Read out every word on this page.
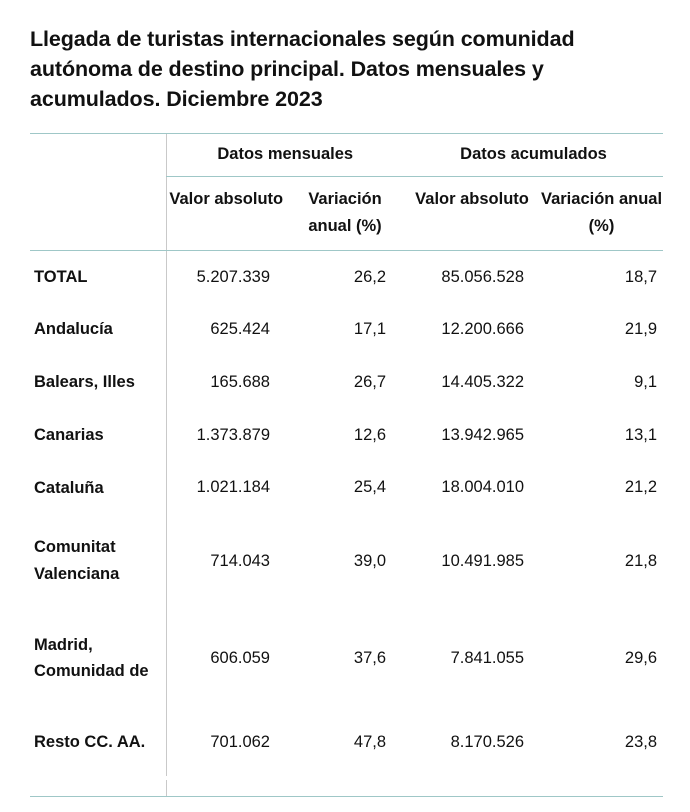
Llegada de turistas internacionales según comunidad autónoma de destino principal. Datos mensuales y acumulados. Diciembre 2023
	Datos mensuales		Datos acumulados	
	Valor absoluto	Variación anual (%)	Valor absoluto	Variación anual (%)
TOTAL	5.207.339	26,2	85.056.528	18,7
Andalucía	625.424	17,1	12.200.666	21,9
Balears, Illes	165.688	26,7	14.405.322	9,1
Canarias	1.373.879	12,6	13.942.965	13,1
Cataluña	1.021.184	25,4	18.004.010	21,2
Comunitat Valenciana	714.043	39,0	10.491.985	21,8
Madrid, Comunidad de	606.059	37,6	7.841.055	29,6
Resto CC. AA.	701.062	47,8	8.170.526	23,8
